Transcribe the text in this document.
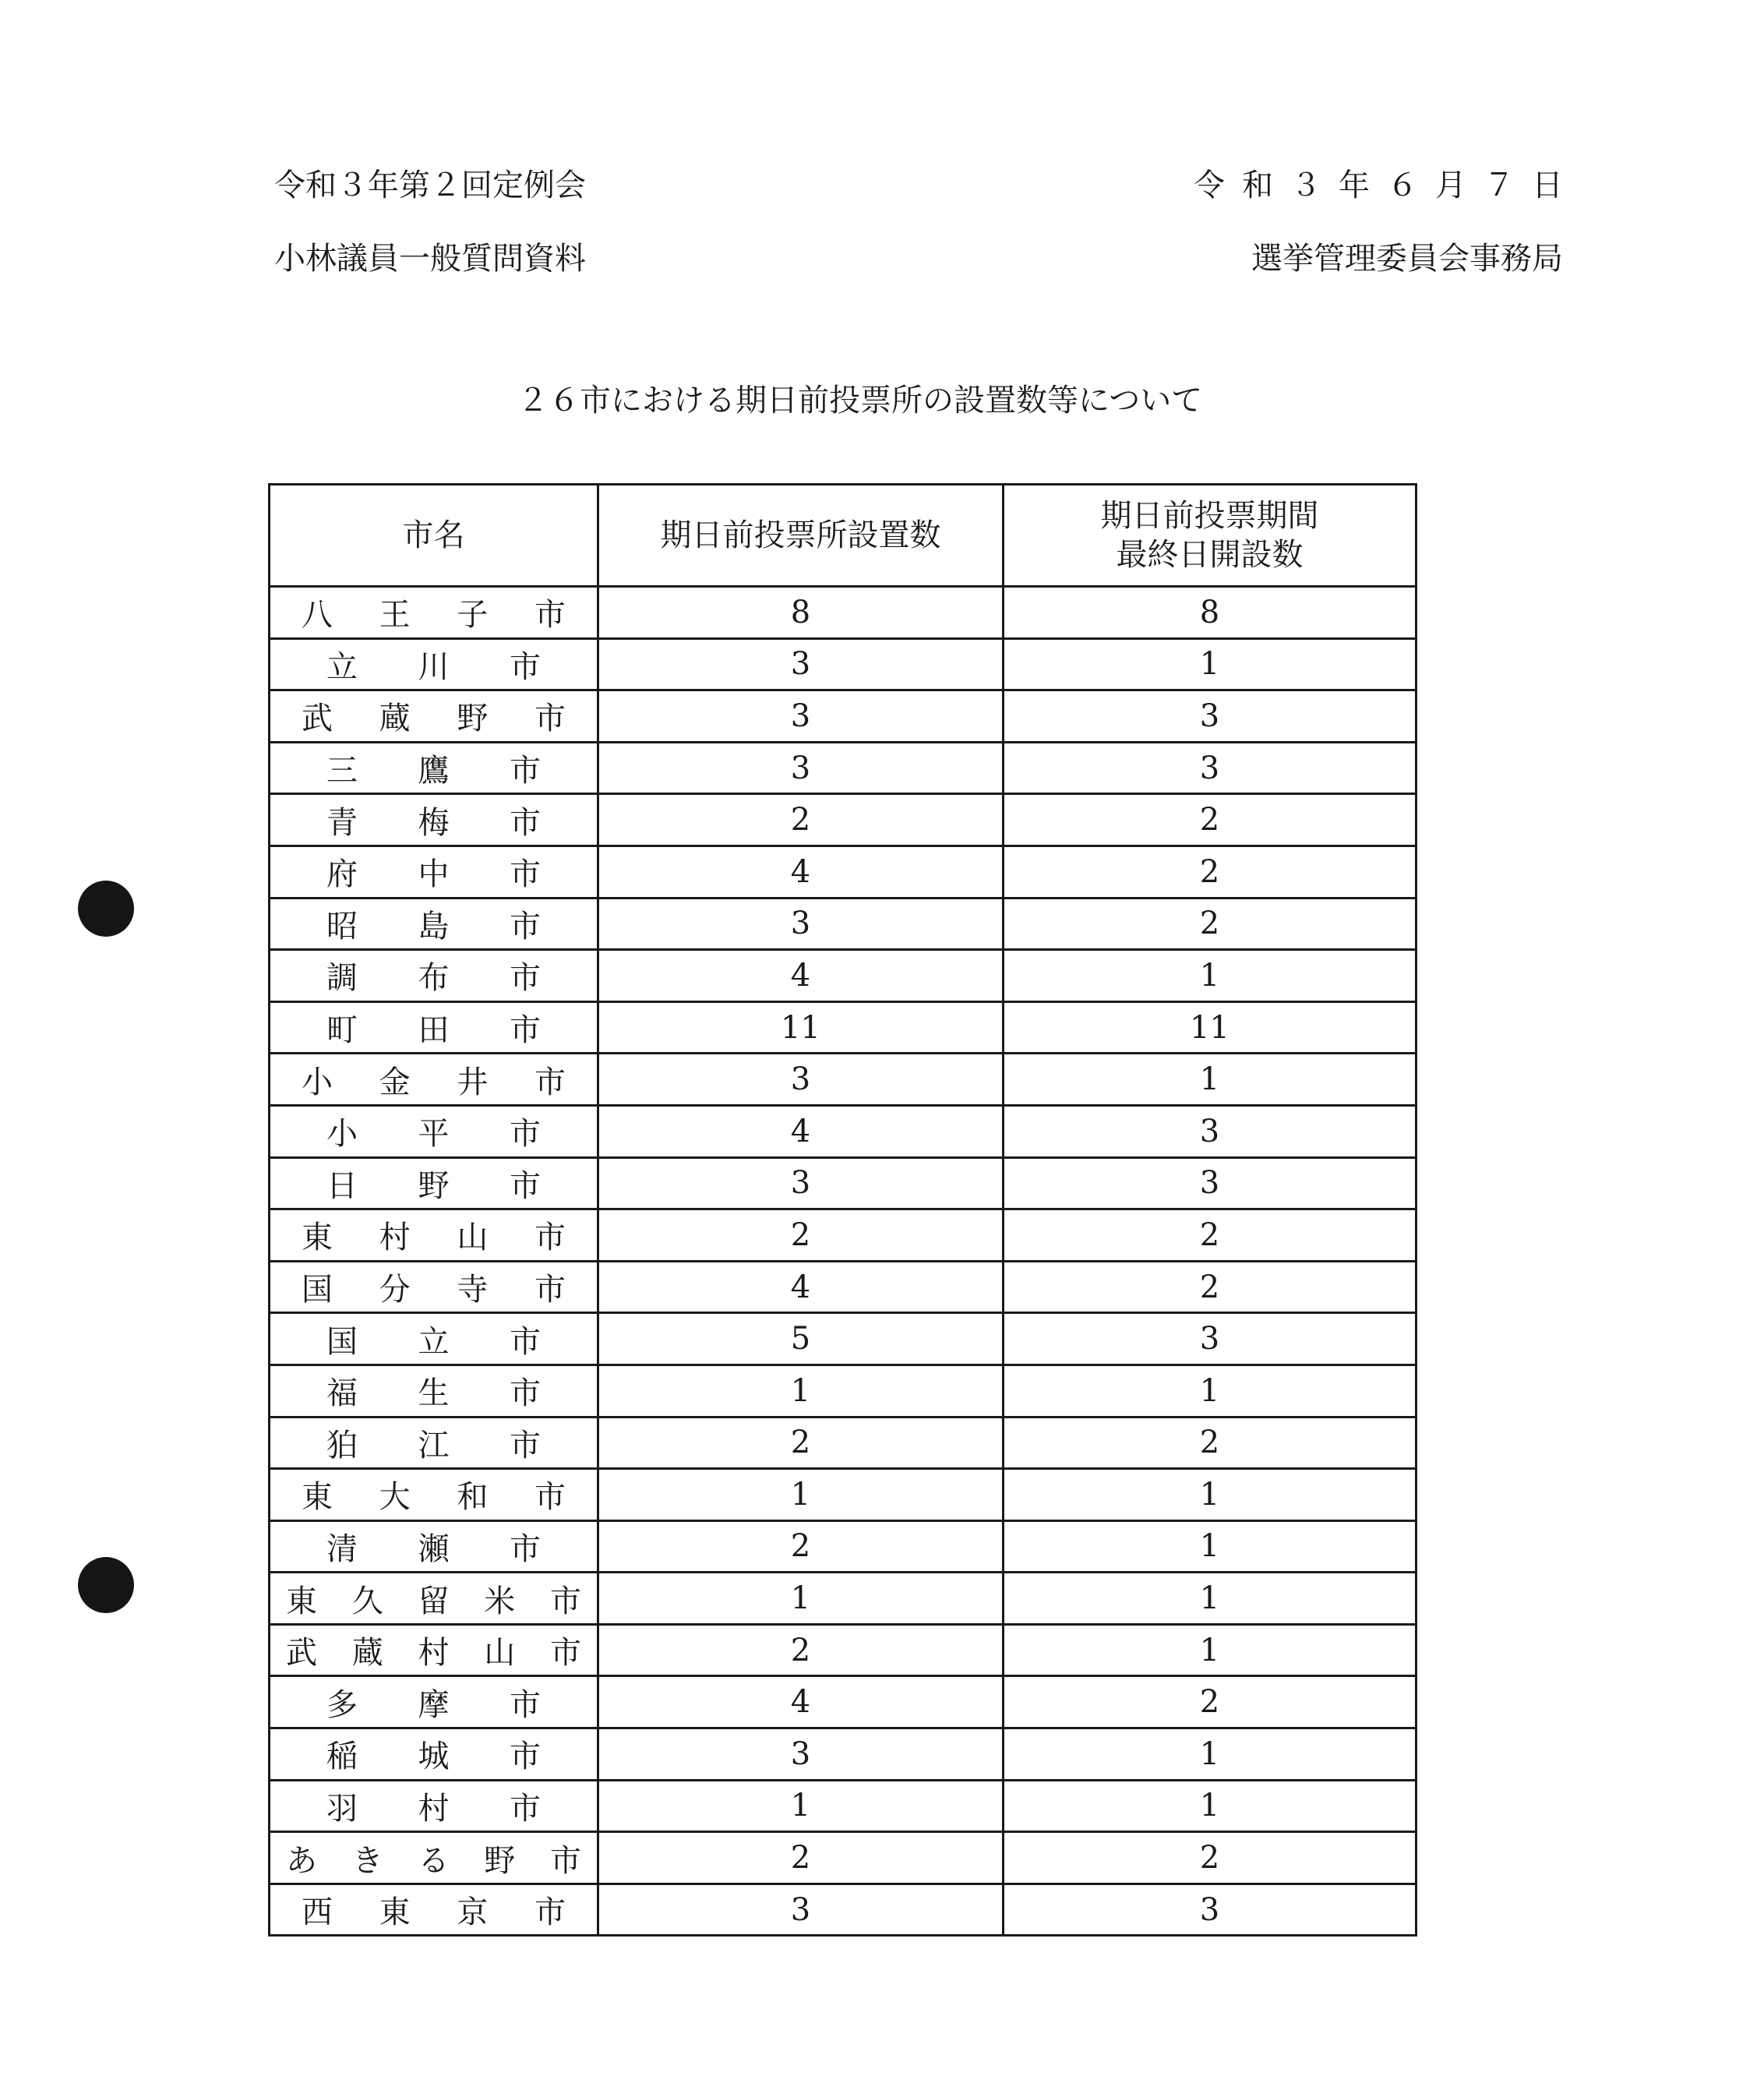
令和３年第２回定例会
小林議員一般質問資料
令和３年６月７日
選挙管理委員会事務局
２６市における期日前投票所の設置数等について
市名	期日前投票所設置数	期日前投票期間
最終日開設数

八 王 子 市	8	8

立 川 市	3	1

武 蔵 野 市	3	3

三 鷹 市	3	3

青 梅 市	2	2

府 中 市	4	2

昭 島 市	3	2

調 布 市	4	1

町 田 市	11	11

小 金 井 市	3	1

小 平 市	4	3

日 野 市	3	3

東 村 山 市	2	2

国 分 寺 市	4	2

国 立 市	5	3

福 生 市	1	1

狛 江 市	2	2

東 大 和 市	1	1

清 瀬 市	2	1

東 久 留 米 市	1	1

武 蔵 村 山 市	2	1

多 摩 市	4	2

稲 城 市	3	1

羽 村 市	1	1

あ き る 野 市	2	2

西 東 京 市	3	3
